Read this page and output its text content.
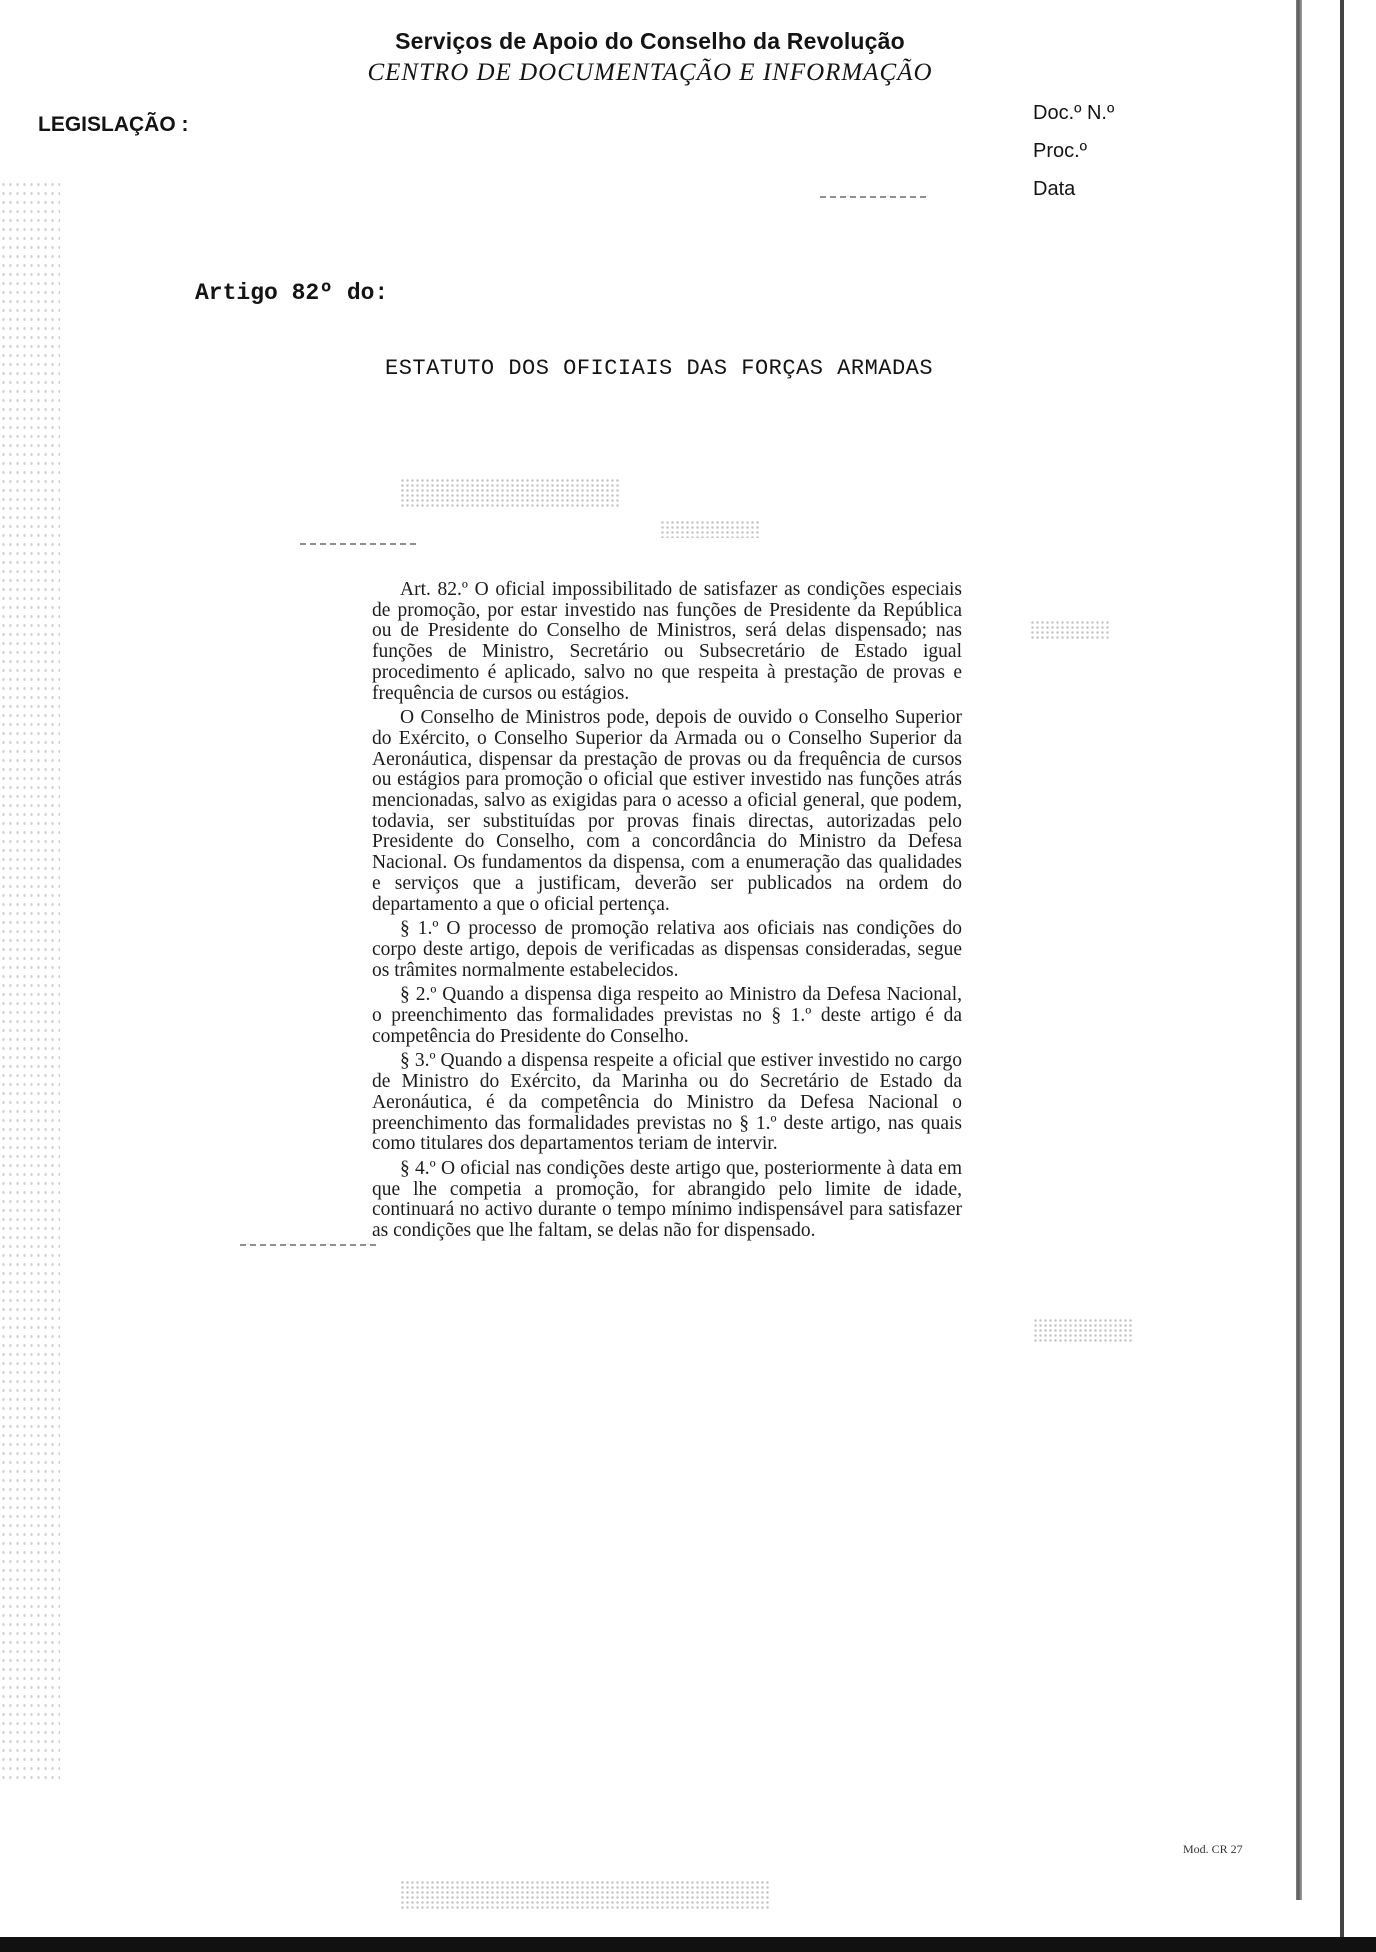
Serviços de Apoio do Conselho da Revolução

CENTRO DE DOCUMENTAÇÃO E INFORMAÇÃO

LEGISLAÇÃO :	Doc.º N.º
Proc.º
Data
Artigo 82º do:
ESTATUTO DOS OFICIAIS DAS FORÇAS ARMADAS

Art. 82.º O oficial impossibilitado de satisfazer as condições especiais de promoção, por estar investido nas funções de Presidente da República ou de Presidente do Conselho de Ministros, será delas dispensado; nas funções de Ministro, Secretário ou Subsecretário de Estado igual procedimento é aplicado, salvo no que respeita à prestação de provas e frequência de cursos ou estágios.

O Conselho de Ministros pode, depois de ouvido o Conselho Superior do Exército, o Conselho Superior da Armada ou o Conselho Superior da Aeronáutica, dispensar da prestação de provas ou da frequência de cursos ou estágios para promoção o oficial que estiver investido nas funções atrás mencionadas, salvo as exigidas para o acesso a oficial general, que podem, todavia, ser substituídas por provas finais directas, autorizadas pelo Presidente do Conselho, com a concordância do Ministro da Defesa Nacional. Os fundamentos da dispensa, com a enumeração das qualidades e serviços que a justificam, deverão ser publicados na ordem do departamento a que o oficial pertença.

§ 1.º O processo de promoção relativa aos oficiais nas condições do corpo deste artigo, depois de verificadas as dispensas consideradas, segue os trâmites normalmente estabelecidos.

§ 2.º Quando a dispensa diga respeito ao Ministro da Defesa Nacional, o preenchimento das formalidades previstas no § 1.º deste artigo é da competência do Presidente do Conselho.

§ 3.º Quando a dispensa respeite a oficial que estiver investido no cargo de Ministro do Exército, da Marinha ou do Secretário de Estado da Aeronáutica, é da competência do Ministro da Defesa Nacional o preenchimento das formalidades previstas no § 1.º deste artigo, nas quais como titulares dos departamentos teriam de intervir.

§ 4.º O oficial nas condições deste artigo que, posteriormente à data em que lhe competia a promoção, for abrangido pelo limite de idade, continuará no activo durante o tempo mínimo indispensável para satisfazer as condições que lhe faltam, se delas não for dispensado.

Mod. CR 27
